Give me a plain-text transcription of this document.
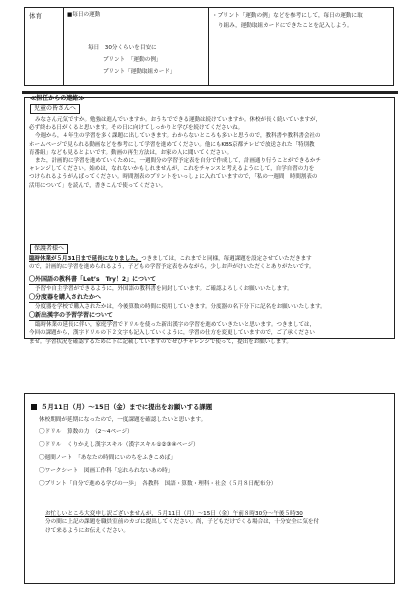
体育	■毎日の運動
毎日　30分くらいを目安に
プリント　「運動の例」
プリント「運動取組カード」
・プリント「運動の例」などを参考にして，毎日の運動に取
り組み，運動取組カードにできたことを記入しよう。
≪担任からの連絡≫
児童の皆さんへ

みなさん元気ですか。勉強は進んでいますか。おうちでできる運動は続けていますか。休校が長く続いていますが，

必ず終わる日がくると思います。その日に向けてしっかりと学びを続けてくださいね。

今週から，４年生の学習を多く課題に出していきます。わからないところも多いと思うので，教科書や教科書会社の

ホームページで見られる動画などを参考にして学習を進めてください。他にもKBS京都テレビで放送された「特別教

育番組」なども見るとよいです。動画の再生方法は，お家の人に聞いてください。

また，計画的に学習を進めていくために，一週間分の学習予定表を自分で作成して，計画通り行うことができるかチ

ャレンジしてください。始めは，なれないかもしれませんが，これをチャンスと考えるようにして，自学自習の力を

つけられるようがんばってください。時間割表のプリントをいっしょに入れていますので，「私の一週間　時間割表の

活用について」を読んで，書きこんで使ってください。

保護者様へ

臨時休業が５月31日まで延長になりました。つきましては，これまでと同様，毎週課題を設定させていただきます

ので，計画的に学習を進められるよう，子どもの学習予定表をみながら，少しお声がけいただくとありがたいです。

〇外国語の教科書「Let’s　Try！2」について

予習や自主学習ができるように，外国語の教科書を同封しています。ご確認よろしくお願いいたします。

〇分度器を購入されたかへ

分度器を学校で購入されたかは，今後算数の時間に使用していきます。分度器の名下分下に記名をお願いいたします。

〇新出漢字の予習学習について

臨時休業の延長に伴い，家庭学習でドリルを使った新出漢字の学習を進めていきたいと思います。つきましては，

今回の課題から，漢字ドリルの下２文字も記入していくように，学習の仕方を変更していますので，ご了承ください

ませ。学習状況を確認するために下に記載していますのでぜひチャレンジで使って，提出をお願いします。

５月11日（月）～15日（金）までに提出をお願いする課題
休校期間が延期になったので，一度課題を確認したいと思います。
〇ドリル　算数の力　（2～4ページ）
〇ドリル　くりかえし漢字スキル（漢字スキル①②③④ページ）
〇週間ノート　「あなたの時間にいのちをふきこめば」
〇ワークシート　図画工作科「忘れられないあの時」
〇プリント「自分で進める学びの一歩」　各教科　国語・算数・理科・社会（５月８日配布分）
お忙しいところ大変申し訳ございませんが，５月11日（月）～15日（金）午前８時30分～午後５時30
分の間に上記の課題を職員室前のカゴに提出してください。尚，子どもだけでくる場合は，十分安全に気を付
けて来るようにお伝えください。
